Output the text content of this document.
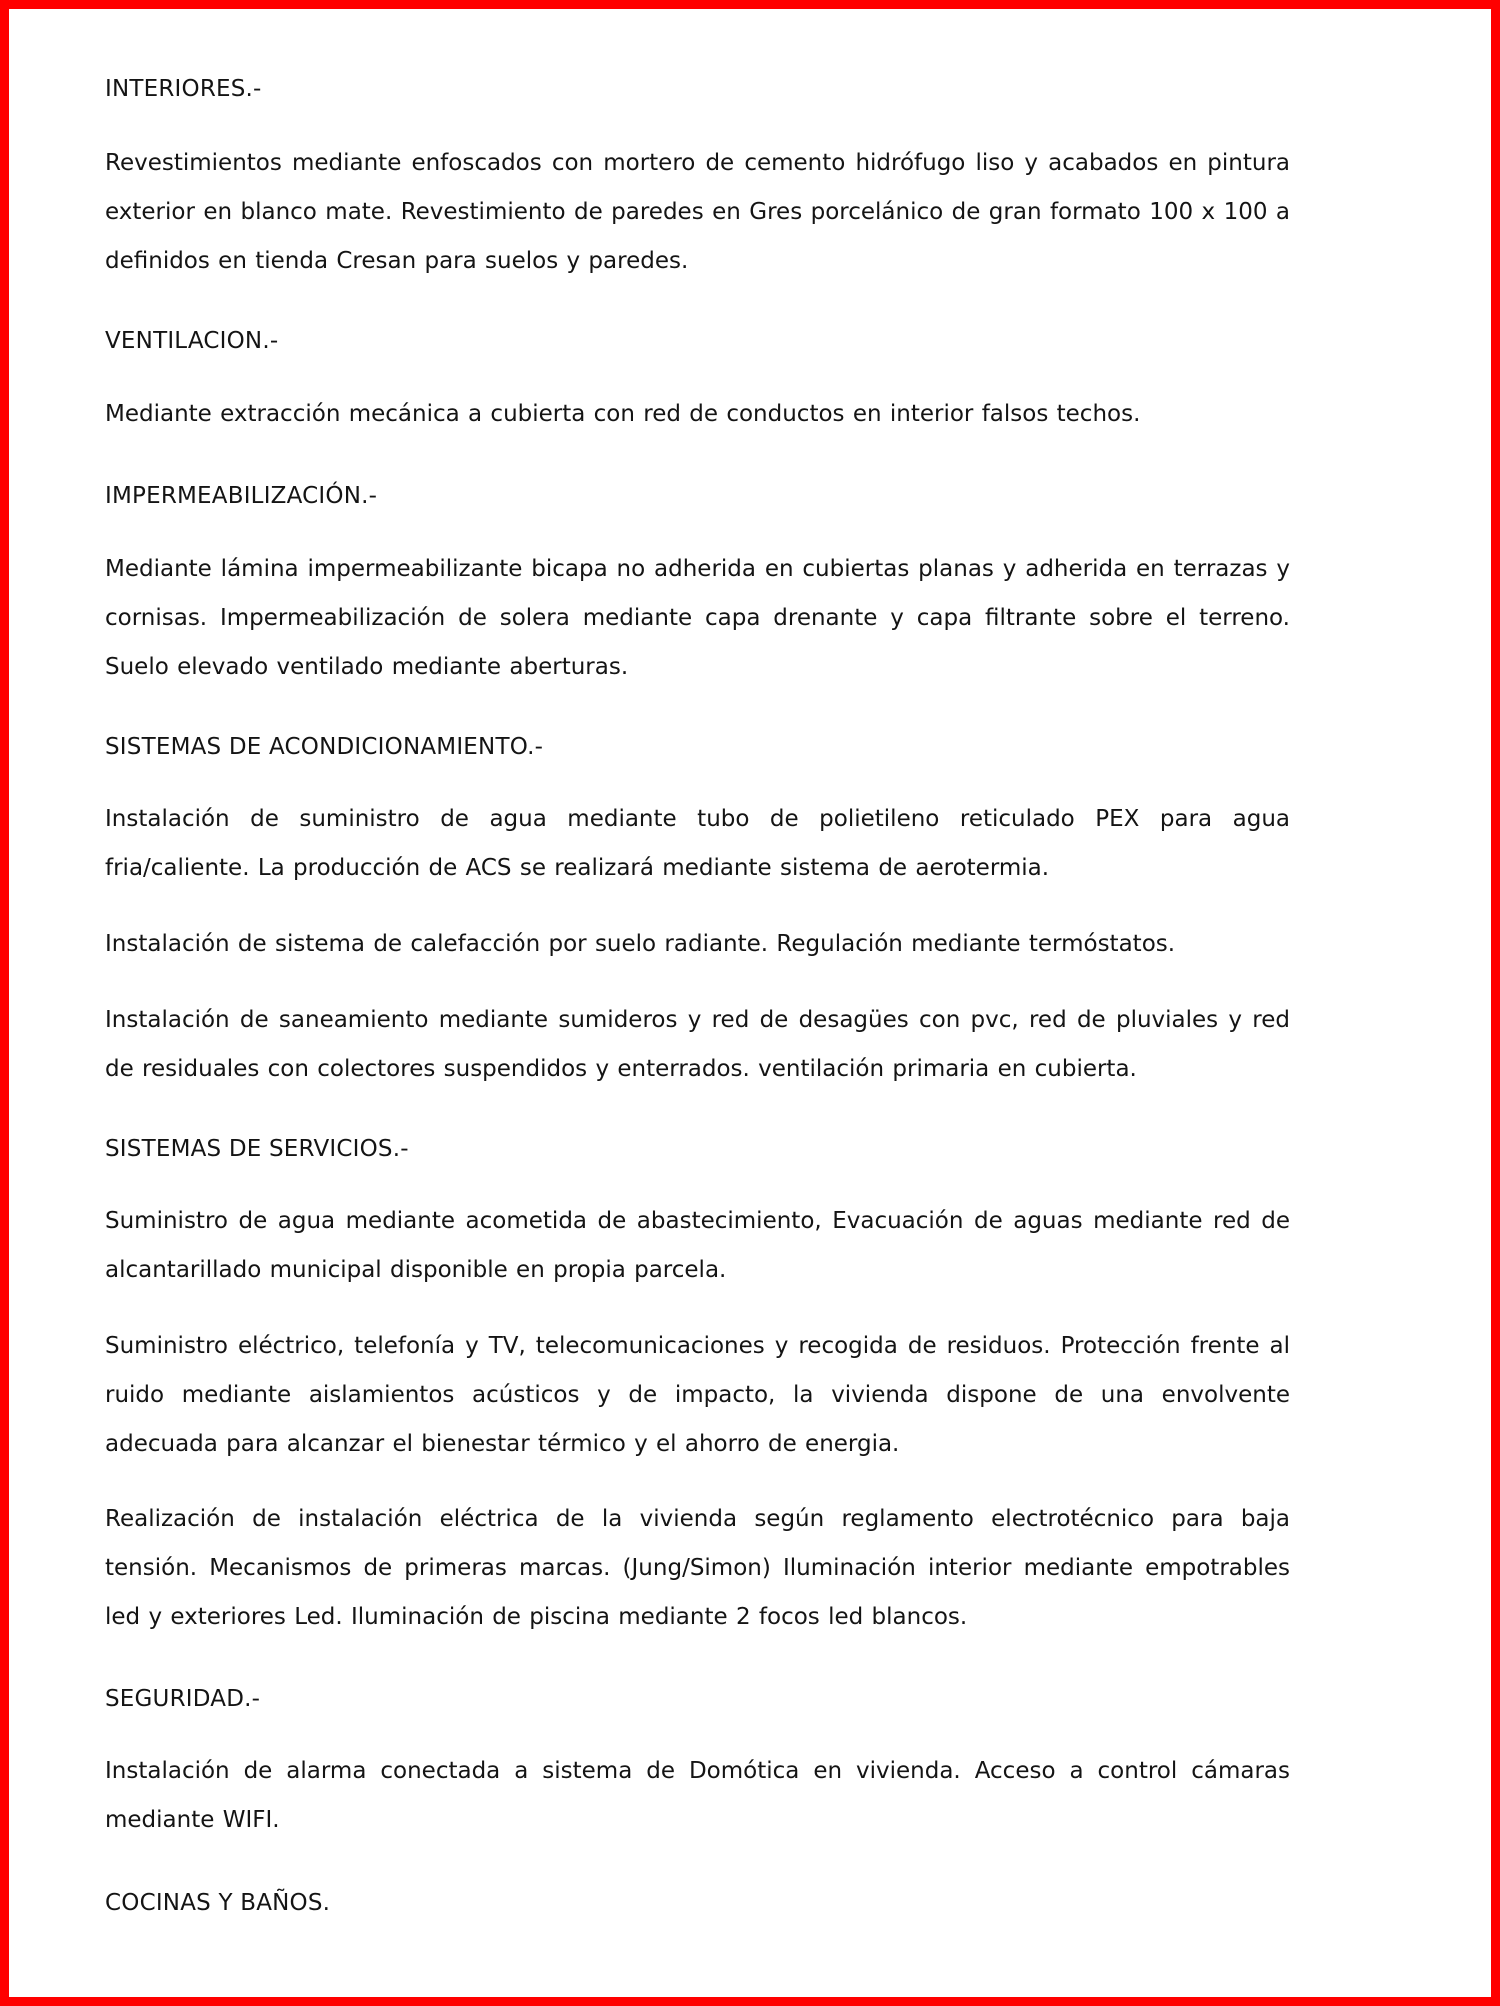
INTERIORES.-

Revestimientos mediante enfoscados con mortero de cemento hidrófugo liso y acabados en pintura exterior en blanco mate. Revestimiento de paredes en Gres porcelánico de gran formato 100 x 100 a definidos en tienda Cresan para suelos y paredes.

VENTILACION.-

Mediante extracción mecánica a cubierta con red de conductos en interior falsos techos.

IMPERMEABILIZACIÓN.-

Mediante lámina impermeabilizante bicapa no adherida en cubiertas planas y adherida en terrazas y cornisas. Impermeabilización de solera mediante capa drenante y capa filtrante sobre el terreno. Suelo elevado ventilado mediante aberturas.

SISTEMAS DE ACONDICIONAMIENTO.-

Instalación de suministro de agua mediante tubo de polietileno reticulado PEX para agua fria/caliente. La producción de ACS se realizará mediante sistema de aerotermia.

Instalación de sistema de calefacción por suelo radiante. Regulación mediante termóstatos.

Instalación de saneamiento mediante sumideros y red de desagües con pvc, red de pluviales y red de residuales con colectores suspendidos y enterrados. ventilación primaria en cubierta.

SISTEMAS DE SERVICIOS.-

Suministro de agua mediante acometida de abastecimiento, Evacuación de aguas mediante red de alcantarillado municipal disponible en propia parcela.

Suministro eléctrico, telefonía y TV, telecomunicaciones y recogida de residuos. Protección frente al ruido mediante aislamientos acústicos y de impacto, la vivienda dispone de una envolvente adecuada para alcanzar el bienestar térmico y el ahorro de energia.

Realización de instalación eléctrica de la vivienda según reglamento electrotécnico para baja tensión. Mecanismos de primeras marcas. (Jung/Simon) Iluminación interior mediante empotrables led y exteriores Led. Iluminación de piscina mediante 2 focos led blancos.

SEGURIDAD.-

Instalación de alarma conectada a sistema de Domótica en vivienda. Acceso a control cámaras mediante WIFI.

COCINAS Y BAÑOS.
